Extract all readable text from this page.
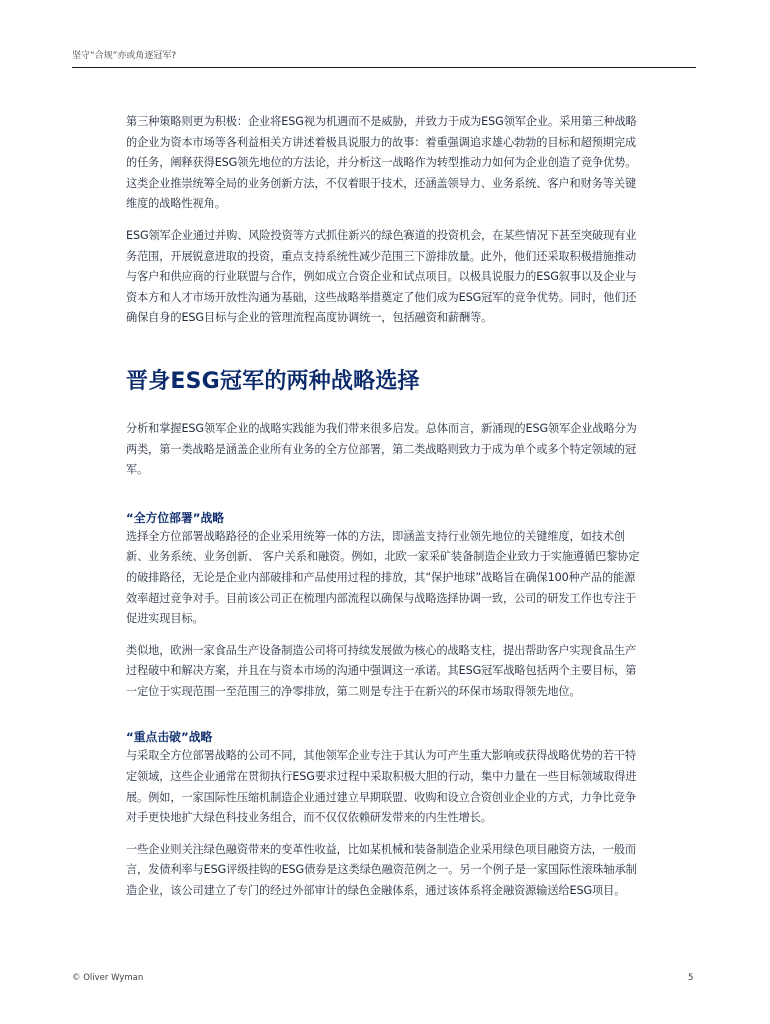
坚守“合规”亦或角逐冠军?

第三种策略则更为积极：企业将ESG视为机遇而不是威胁，并致力于成为ESG领军企业。采用第三种战略的企业为资本市场等各利益相关方讲述着极具说服力的故事：着重强调追求雄心勃勃的目标和超预期完成的任务，阐释获得ESG领先地位的方法论，并分析这一战略作为转型推动力如何为企业创造了竞争优势。这类企业推崇统筹全局的业务创新方法，不仅着眼于技术，还涵盖领导力、业务系统、客户和财务等关键维度的战略性视角。

ESG领军企业通过并购、风险投资等方式抓住新兴的绿色赛道的投资机会，在某些情况下甚至突破现有业务范围，开展锐意进取的投资，重点支持系统性减少范围三下游排放量。此外，他们还采取积极措施推动与客户和供应商的行业联盟与合作，例如成立合资企业和试点项目。以极具说服力的ESG叙事以及企业与资本方和人才市场开放性沟通为基础，这些战略举措奠定了他们成为ESG冠军的竞争优势。同时，他们还确保自身的ESG目标与企业的管理流程高度协调统一，包括融资和薪酬等。

晋身ESG冠军的两种战略选择

分析和掌握ESG领军企业的战略实践能为我们带来很多启发。总体而言，新涌现的ESG领军企业战略分为两类，第一类战略是涵盖企业所有业务的全方位部署，第二类战略则致力于成为单个或多个特定领域的冠军。

“全方位部署”战略

选择全方位部署战略路径的企业采用统筹一体的方法，即涵盖支持行业领先地位的关键维度，如技术创新、业务系统、业务创新、 客户关系和融资。例如，北欧一家采矿装备制造企业致力于实施遵循巴黎协定的破排路径，无论是企业内部破排和产品使用过程的排放，其“保护地球”战略旨在确保100种产品的能源效率超过竞争对手。目前该公司正在梳理内部流程以确保与战略选择协调一致，公司的研发工作也专注于促进实现目标。

类似地，欧洲一家食品生产设备制造公司将可持续发展做为核心的战略支柱，提出帮助客户实现食品生产过程破中和解决方案，并且在与资本市场的沟通中强调这一承诺。其ESG冠军战略包括两个主要目标，第一定位于实现范围一至范围三的净零排放，第二则是专注于在新兴的环保市场取得领先地位。

“重点击破”战略

与采取全方位部署战略的公司不同，其他领军企业专注于其认为可产生重大影响或获得战略优势的若干特定领域，这些企业通常在贯彻执行ESG要求过程中采取积极大胆的行动，集中力量在一些目标领域取得进展。例如，一家国际性压缩机制造企业通过建立早期联盟、收购和设立合资创业企业的方式，力争比竞争对手更快地扩大绿色科技业务组合，而不仅仅依赖研发带来的内生性增长。

一些企业则关注绿色融资带来的变革性收益，比如某机械和装备制造企业采用绿色项目融资方法，一般而言，发债利率与ESG评级挂钩的ESG债券是这类绿色融资范例之一。另一个例子是一家国际性滚珠轴承制造企业，该公司建立了专门的经过外部审计的绿色金融体系，通过该体系将金融资源输送给ESG项目。

© Oliver Wyman	5
